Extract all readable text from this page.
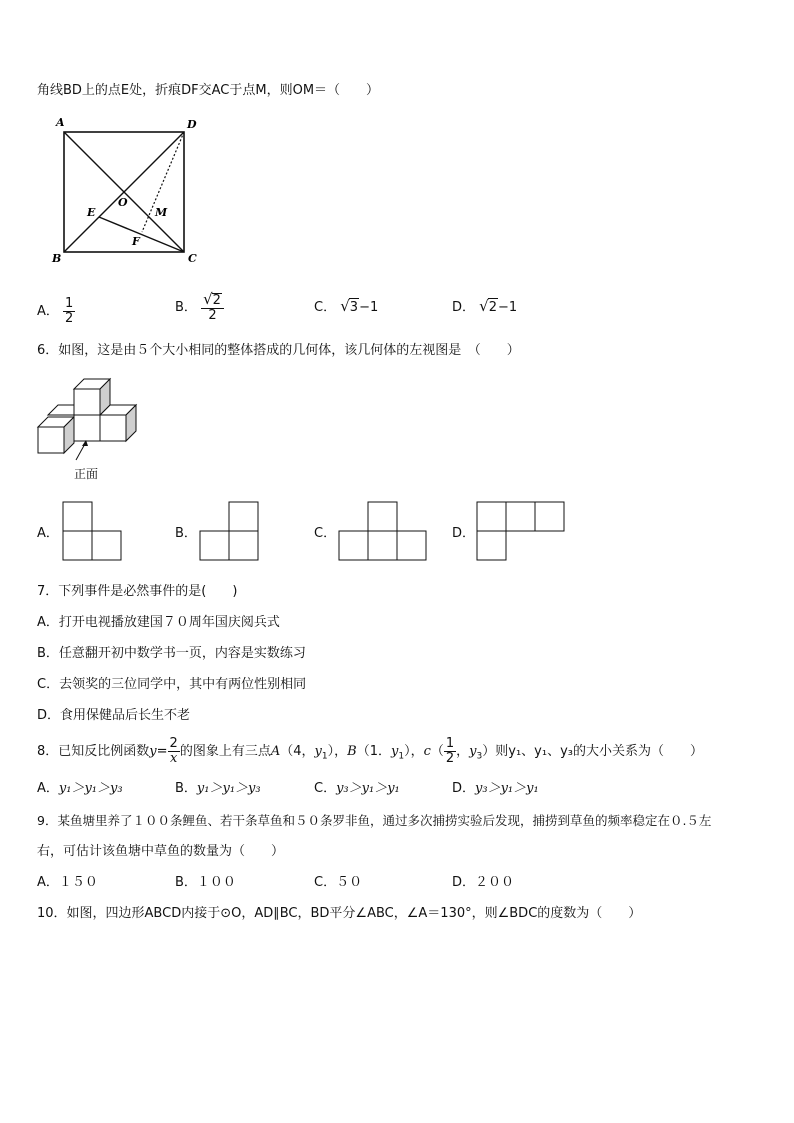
角线BD上的点E处，折痕DF交AC于点M，则OM＝（　　）
A	D
B	C
O
E	M
F
A． $\frac{1}{2}$	B． $\frac{√2}{2}$	C． √3−1	D． √2−1
6．如图，这是由５个大小相同的整体搭成的几何体，该几何体的左视图是　（　　）
正面
A．	B．	C．	D．
7．下列事件是必然事件的是(　　)
A．打开电视播放建国７０周年国庆阅兵式
B．任意翻开初中数学书一页，内容是实数练习
C．去领奖的三位同学中，其中有两位性别相同
D．食用保健品后长生不老
8．已知反比例函数$y= \frac{2}{x}$ 的图象上有三点A（4，$y_1$），B（1．$y_1$），$c( \frac{1}{2}$ ，$y_3$）则y₁、y₁、y₃的大小关系为（　　）
A．y₁＞y₁＞y₃	B．y₁＞y₁＞y₃	C．y₃＞y₁＞y₁	D．y₃＞y₁＞y₁
9．某鱼塘里养了１００条鲤鱼、若干条草鱼和５０条罗非鱼，通过多次捕捞实验后发现，捕捞到草鱼的频率稳定在０.５左
右，可估计该鱼塘中草鱼的数量为（　　）
A．１５０	B．１００	C．５０	D．２００
10．如图，四边形ABCD内接于⊙O，AD∥BC，BD平分∠ABC，∠A＝130°，则∠BDC的度数为（　　）
